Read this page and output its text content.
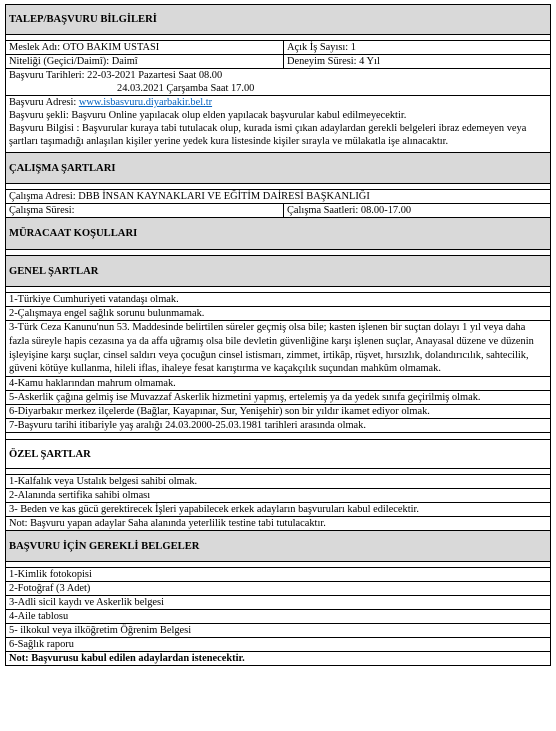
TALEP/BAŞVURU BİLGİLERİ	

Meslek Adı: OTO BAKIM USTASI	Açık İş Sayısı: 1
Niteliği (Geçici/Daimî): Daimî	Deneyim Süresi: 4 Yıl

Başvuru Tarihleri: 22-03-2021 Pazartesi Saat 08.00
24.03.2021 Çarşamba Saat 17.00	

Başvuru Adresi: www.isbasvuru.diyarbakir.bel.tr
Başvuru şekli: Başvuru Online yapılacak olup elden yapılacak başvurular kabul edilmeyecektir.
Başvuru Bilgisi : Başvurular kuraya tabi tutulacak olup, kurada ismi çıkan adaylardan gerekli belgeleri ibraz edemeyen veya şartları taşımadığı anlaşılan kişiler yerine yedek kura listesinde kişiler sırayla ve mülakatla işe alınacaktır.	

ÇALIŞMA ŞARTLARI	

Çalışma Adresi: DBB İNSAN KAYNAKLARI VE EĞİTİM DAİRESİ BAŞKANLIĞI	
Çalışma Süresi:	Çalışma Saatleri: 08.00-17.00
MÜRACAAT KOŞULLARI	

GENEL ŞARTLAR	

1-Türkiye Cumhuriyeti vatandaşı olmak.	
2-Çalışmaya engel sağlık sorunu bulunmamak.	
3-Türk Ceza Kanunu'nun 53. Maddesinde belirtilen süreler geçmiş olsa bile; kasten işlenen bir suçtan dolayı 1 yıl veya daha fazla süreyle hapis cezasına ya da affa uğramış olsa bile devletin güvenliğine karşı işlenen suçlar, Anayasal düzene ve düzenin işleyişine karşı suçlar, cinsel saldırı veya çocuğun cinsel istismarı, zimmet, irtikâp, rüşvet, hırsızlık, dolandırıcılık, sahtecilik, güveni kötüye kullanma, hileli iflas, ihaleye fesat karıştırma ve kaçakçılık suçundan mahkûm olmamak.	
4-Kamu haklarından mahrum olmamak.	
5-Askerlik çağına gelmiş ise Muvazzaf Askerlik hizmetini yapmış, ertelemiş ya da yedek sınıfa geçirilmiş olmak.	
6-Diyarbakır merkez ilçelerde (Bağlar, Kayapınar, Sur, Yenişehir) son bir yıldır ikamet ediyor olmak.	
7-Başvuru tarihi itibariyle yaş aralığı 24.03.2000-25.03.1981 tarihleri arasında olmak.	

ÖZEL ŞARTLAR	

1-Kalfalık veya Ustalık belgesi sahibi olmak.	
2-Alanında sertifika sahibi olması	
3- Beden ve kas gücü gerektirecek İşleri yapabilecek erkek adayların başvuruları kabul edilecektir.	
Not: Başvuru yapan adaylar Saha alanında yeterlilik testine tabi tutulacaktır.	
BAŞVURU İÇİN GEREKLİ BELGELER	

1-Kimlik fotokopisi	
2-Fotoğraf (3 Adet)	
3-Adli sicil kaydı ve Askerlik belgesi	
4-Aile tablosu	
5- ilkokul veya ilköğretim Öğrenim Belgesi	
6-Sağlık raporu	
Not: Başvurusu kabul edilen adaylardan istenecektir.	
